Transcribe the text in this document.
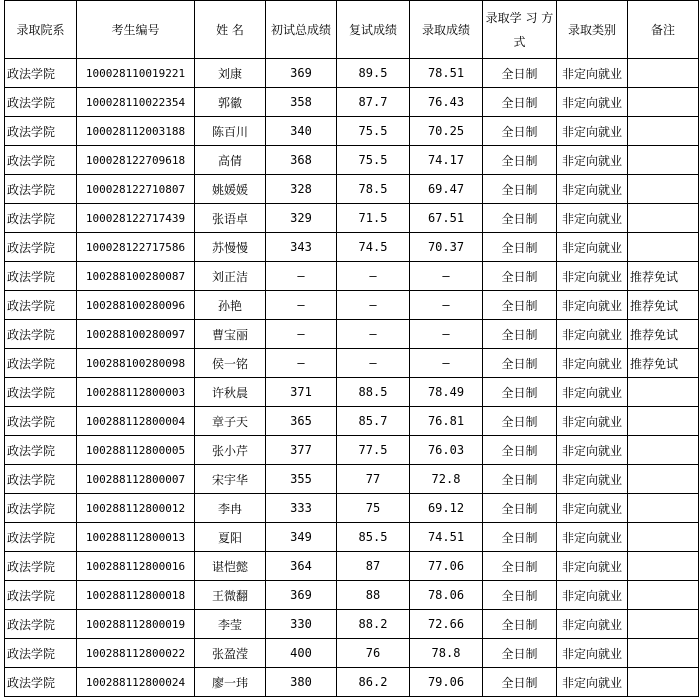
录取院系	考生编号	姓 名	初试总成绩	复试成绩	录取成绩	录取学 习 方式	录取类别	备注
政法学院	100028110019221	刘康	369	89.5	78.51	全日制	非定向就业	
政法学院	100028110022354	郭徽	358	87.7	76.43	全日制	非定向就业	
政法学院	100028112003188	陈百川	340	75.5	70.25	全日制	非定向就业	
政法学院	100028122709618	高倩	368	75.5	74.17	全日制	非定向就业	
政法学院	100028122710807	姚媛媛	328	78.5	69.47	全日制	非定向就业	
政法学院	100028122717439	张语卓	329	71.5	67.51	全日制	非定向就业	
政法学院	100028122717586	苏慢慢	343	74.5	70.37	全日制	非定向就业	
政法学院	100288100280087	刘正洁	—	—	—	全日制	非定向就业	推荐免试
政法学院	100288100280096	孙艳	—	—	—	全日制	非定向就业	推荐免试
政法学院	100288100280097	曹宝丽	—	—	—	全日制	非定向就业	推荐免试
政法学院	100288100280098	侯一铭	—	—	—	全日制	非定向就业	推荐免试
政法学院	100288112800003	许秋晨	371	88.5	78.49	全日制	非定向就业	
政法学院	100288112800004	章子天	365	85.7	76.81	全日制	非定向就业	
政法学院	100288112800005	张小芹	377	77.5	76.03	全日制	非定向就业	
政法学院	100288112800007	宋宇华	355	77	72.8	全日制	非定向就业	
政法学院	100288112800012	李冉	333	75	69.12	全日制	非定向就业	
政法学院	100288112800013	夏阳	349	85.5	74.51	全日制	非定向就业	
政法学院	100288112800016	谌恺懿	364	87	77.06	全日制	非定向就业	
政法学院	100288112800018	王微翻	369	88	78.06	全日制	非定向就业	
政法学院	100288112800019	李莹	330	88.2	72.66	全日制	非定向就业	
政法学院	100288112800022	张盈滢	400	76	78.8	全日制	非定向就业	
政法学院	100288112800024	廖一玮	380	86.2	79.06	全日制	非定向就业	
